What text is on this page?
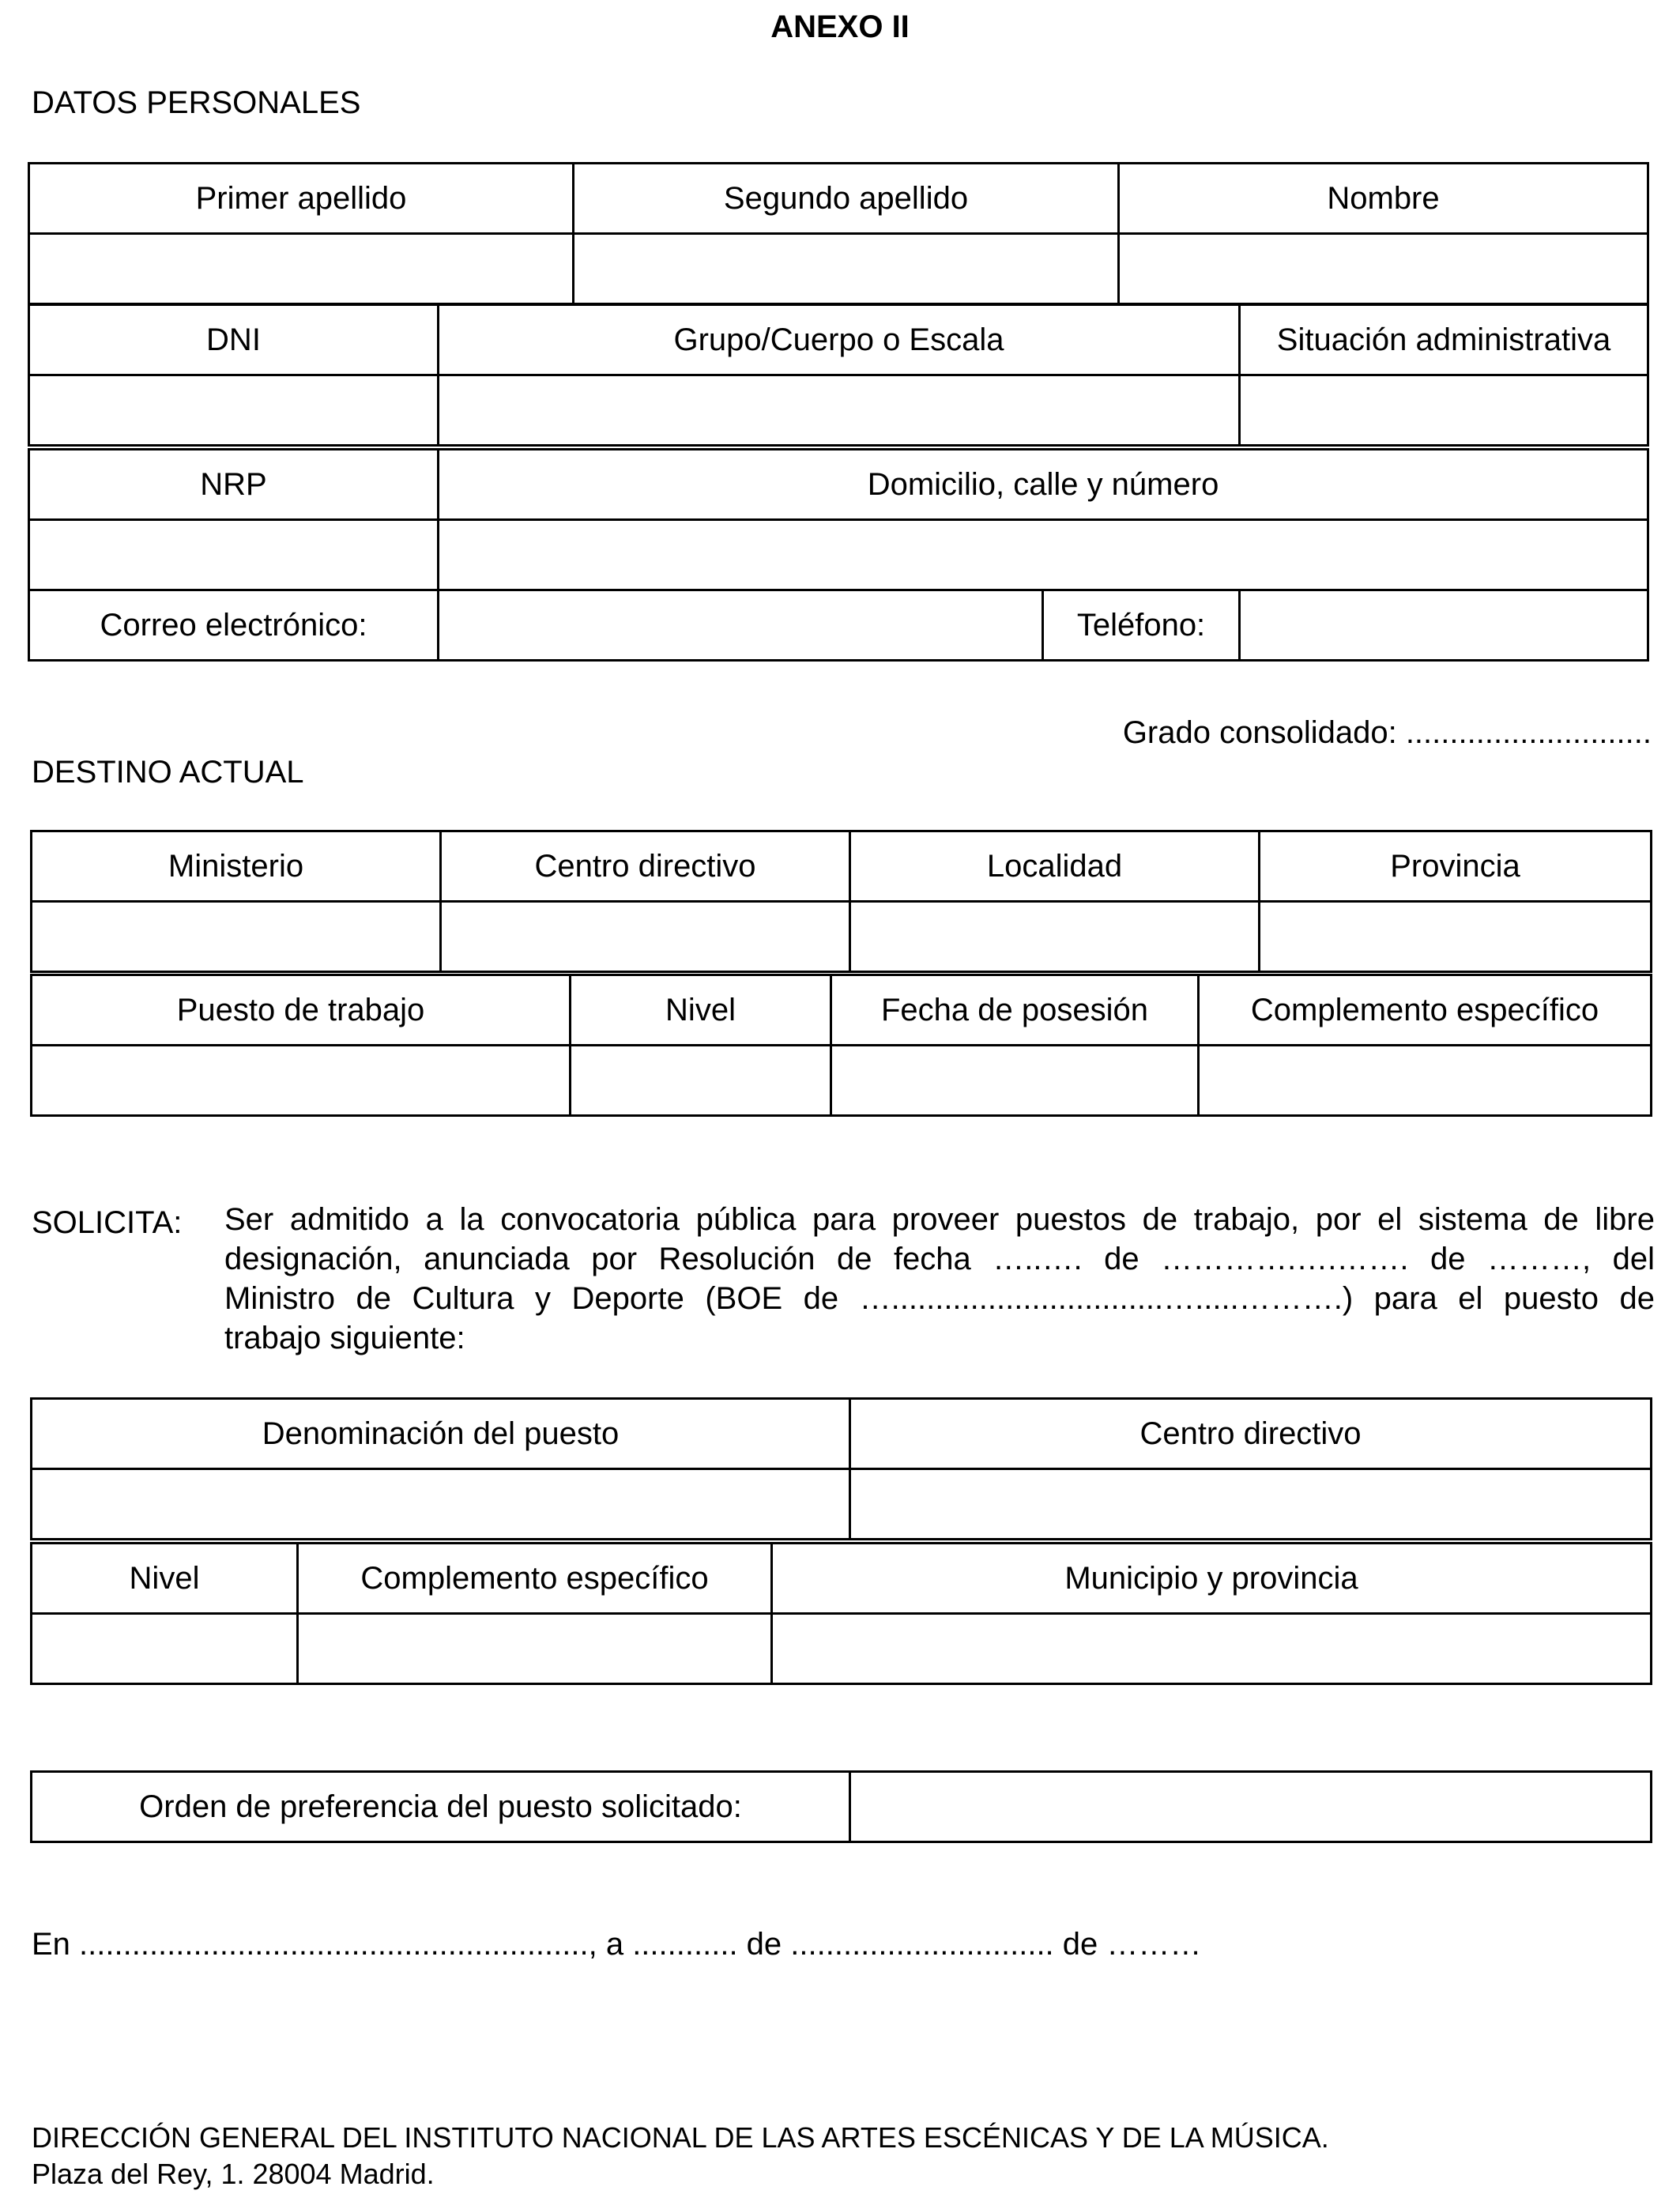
ANEXO II
DATOS PERSONALES
Primer apellido	Segundo apellido	Nombre

DNI	Grupo/Cuerpo o Escala	Situación administrativa

NRP	Domicilio, calle y número		

Correo electrónico:		Teléfono:	
Grado consolidado: ............................
DESTINO ACTUAL
Ministerio	Centro directivo	Localidad	Provincia

Puesto de trabajo	Nivel	Fecha de posesión	Complemento específico

SOLICITA: Ser admitido a la convocatoria pública para proveer puestos de trabajo, por el sistema de libre

designación, anunciada por Resolución de fecha …..…. de ………….….……. de ………, del

Ministro de Cultura y Deporte (BOE de …...............................….....……….) para el puesto de

trabajo siguiente:

Denominación del puesto	Centro directivo

Nivel	Complemento específico	Municipio y provincia

Orden de preferencia del puesto solicitado:	
En .........................................................., a ............ de .............................. de ………
DIRECCIÓN GENERAL DEL INSTITUTO NACIONAL DE LAS ARTES ESCÉNICAS Y DE LA MÚSICA.
Plaza del Rey, 1. 28004 Madrid.
